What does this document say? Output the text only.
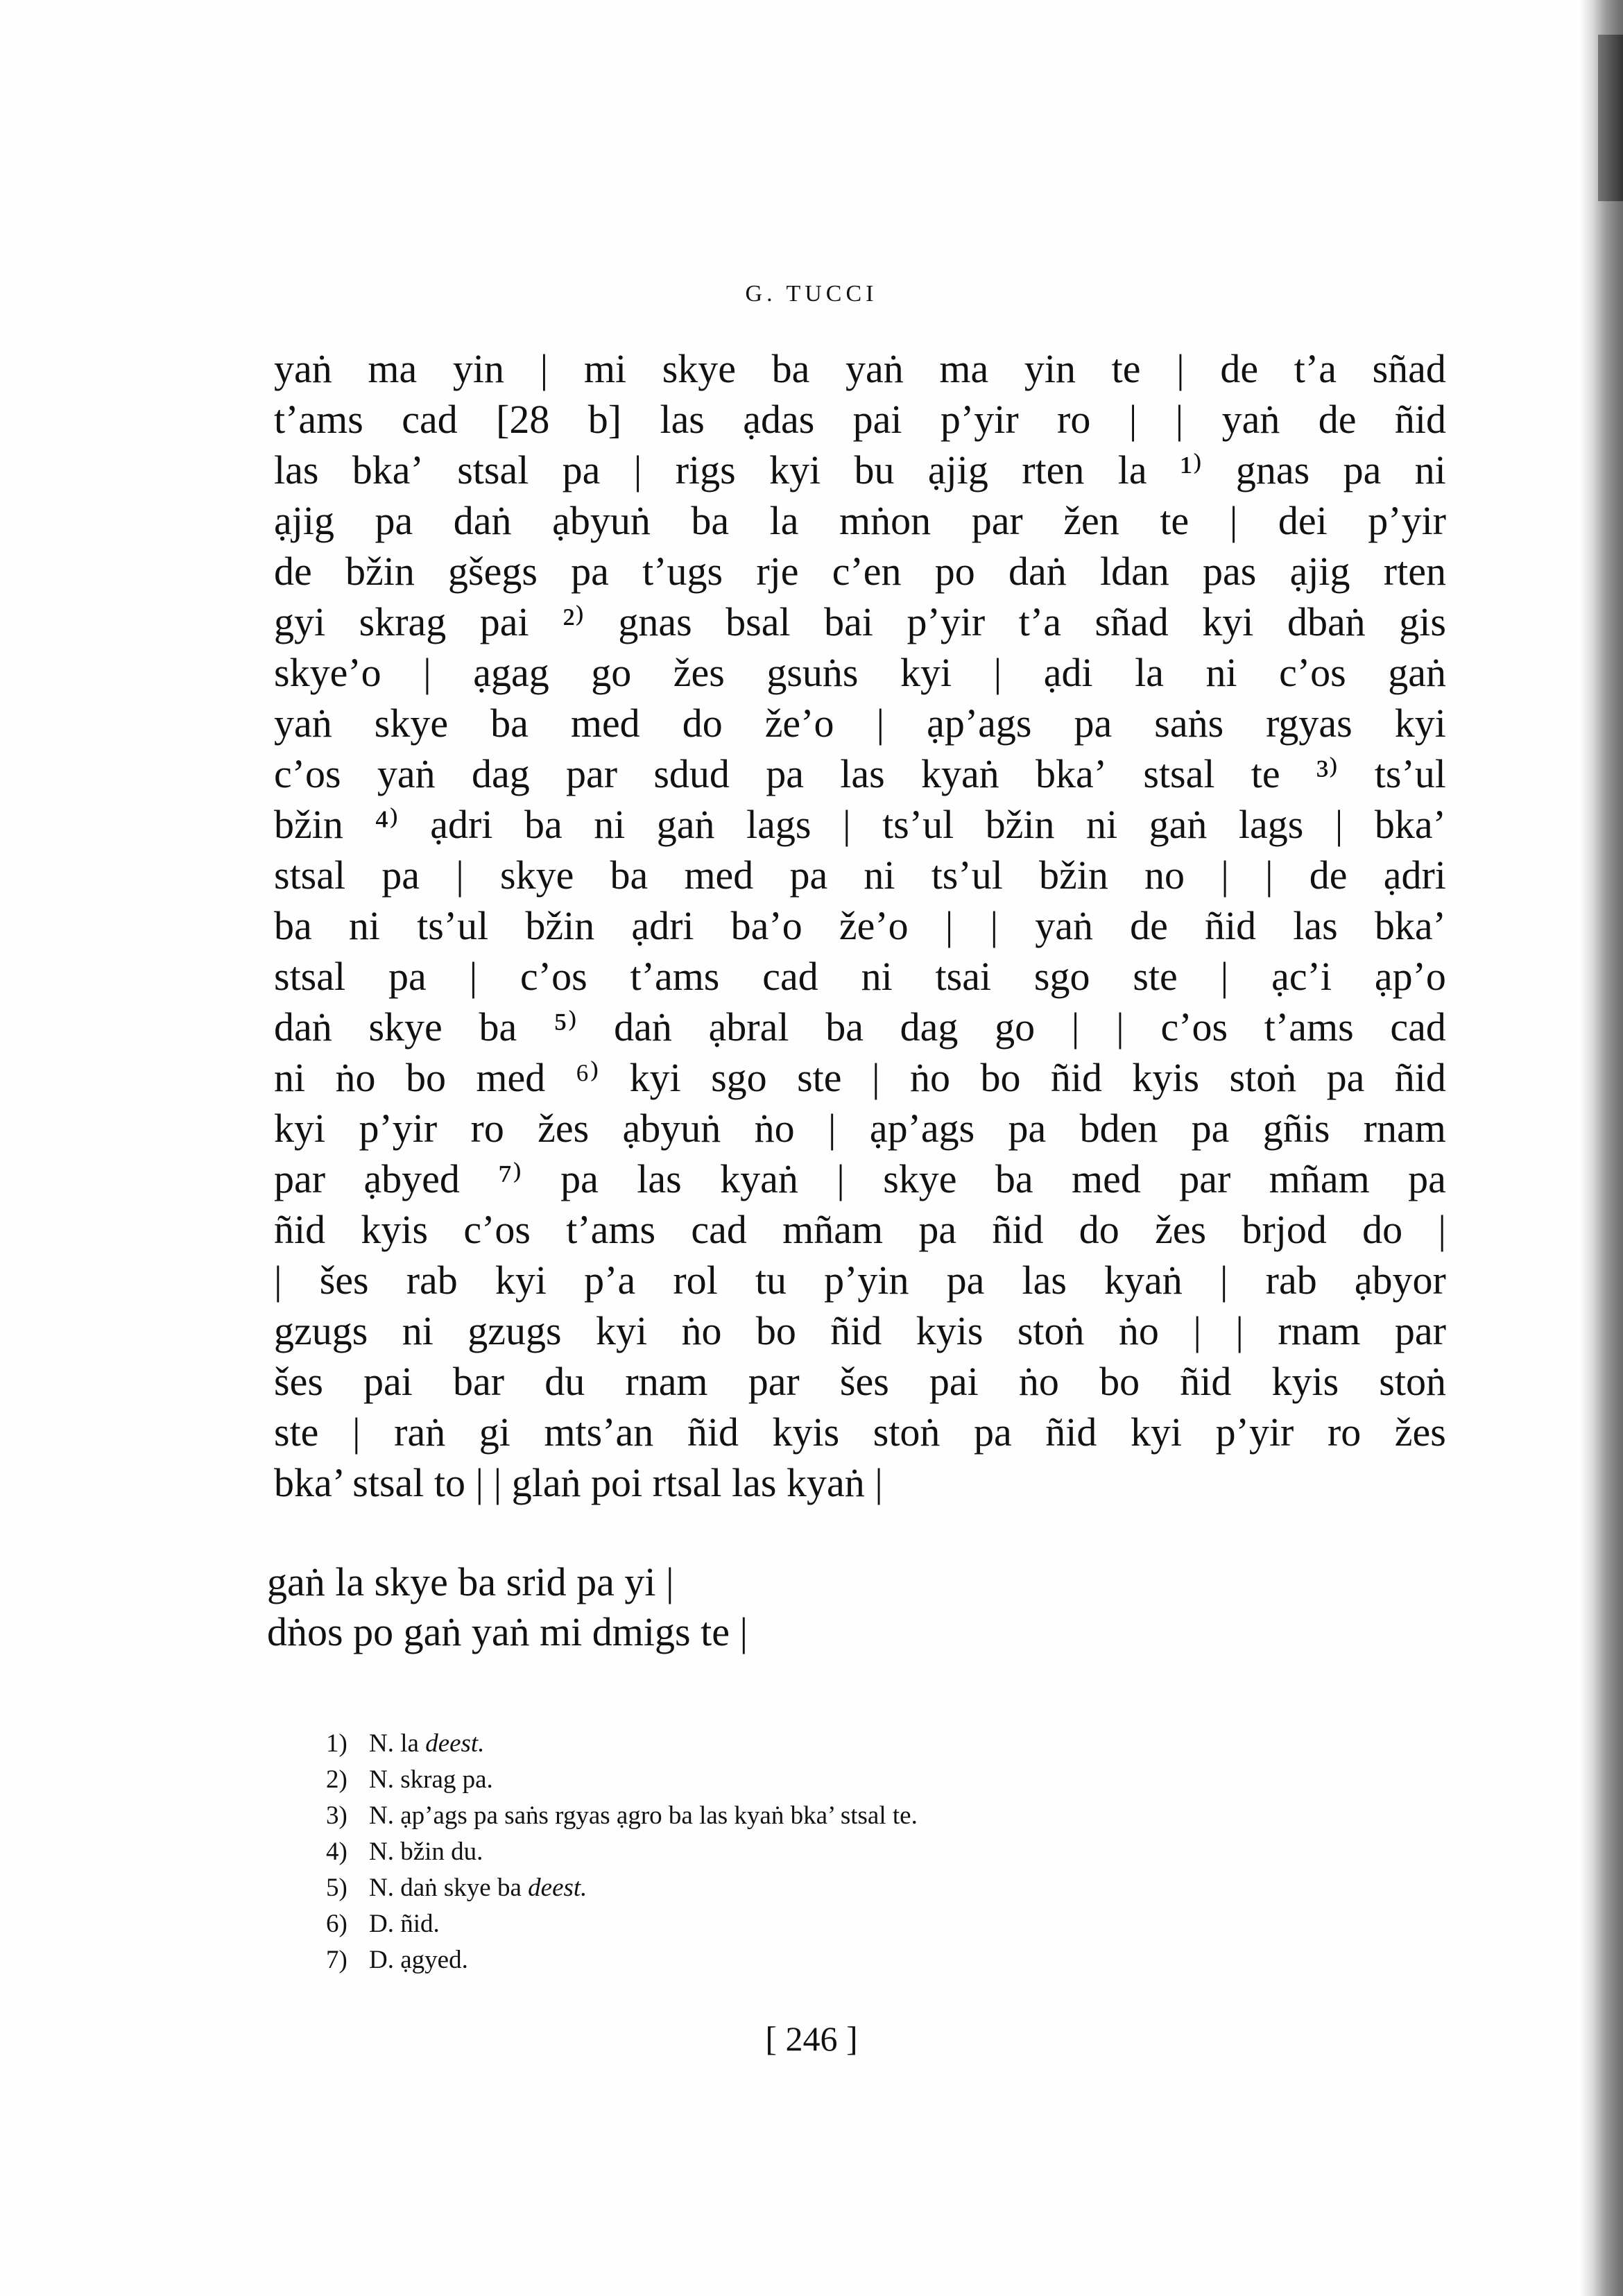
G. TUCCI
yaṅ ma yin | mi skye ba yaṅ ma yin te | de t’a sñad
t’ams cad [28 b] las ạdas pai p’yir ro | | yaṅ de ñid
las bka’ stsal pa | rigs kyi bu ạjig rten la ¹⁾ gnas pa ni
ạjig pa daṅ ạbyuṅ ba la mṅon par žen te | dei p’yir
de bžin gšegs pa t’ugs rje c’en po daṅ ldan pas ạjig rten
gyi skrag pai ²⁾ gnas bsal bai p’yir t’a sñad kyi dbaṅ gis
skye’o | ạgag go žes gsuṅs kyi | ạdi la ni c’os gaṅ
yaṅ skye ba med do že’o | ạp’ags pa saṅs rgyas kyi
c’os yaṅ dag par sdud pa las kyaṅ bka’ stsal te ³⁾ ts’ul
bžin ⁴⁾ ạdri ba ni gaṅ lags | ts’ul bžin ni gaṅ lags | bka’
stsal pa | skye ba med pa ni ts’ul bžin no | | de ạdri
ba ni ts’ul bžin ạdri ba’o že’o | | yaṅ de ñid las bka’
stsal pa | c’os t’ams cad ni tsai sgo ste | ạc’i ạp’o
daṅ skye ba ⁵⁾ daṅ ạbral ba dag go | | c’os t’ams cad
ni ṅo bo med ⁶⁾ kyi sgo ste | ṅo bo ñid kyis stoṅ pa ñid
kyi p’yir ro žes ạbyuṅ ṅo | ạp’ags pa bden pa gñis rnam
par ạbyed ⁷⁾ pa las kyaṅ | skye ba med par mñam pa
ñid kyis c’os t’ams cad mñam pa ñid do žes brjod do |
| šes rab kyi p’a rol tu p’yin pa las kyaṅ | rab ạbyor
gzugs ni gzugs kyi ṅo bo ñid kyis stoṅ ṅo | | rnam par
šes pai bar du rnam par šes pai ṅo bo ñid kyis stoṅ
ste | raṅ gi mts’an ñid kyis stoṅ pa ñid kyi p’yir ro žes
bka’ stsal to | | glaṅ poi rtsal las kyaṅ |
gaṅ la skye ba srid pa yi |
dṅos po gaṅ yaṅ mi dmigs te |
1) N. la deest.
2) N. skrag pa.
3) N. ạp’ags pa saṅs rgyas ạgro ba las kyaṅ bka’ stsal te.
4) N. bžin du.
5) N. daṅ skye ba deest.
6) D. ñid.
7) D. ạgyed.
[ 246 ]
